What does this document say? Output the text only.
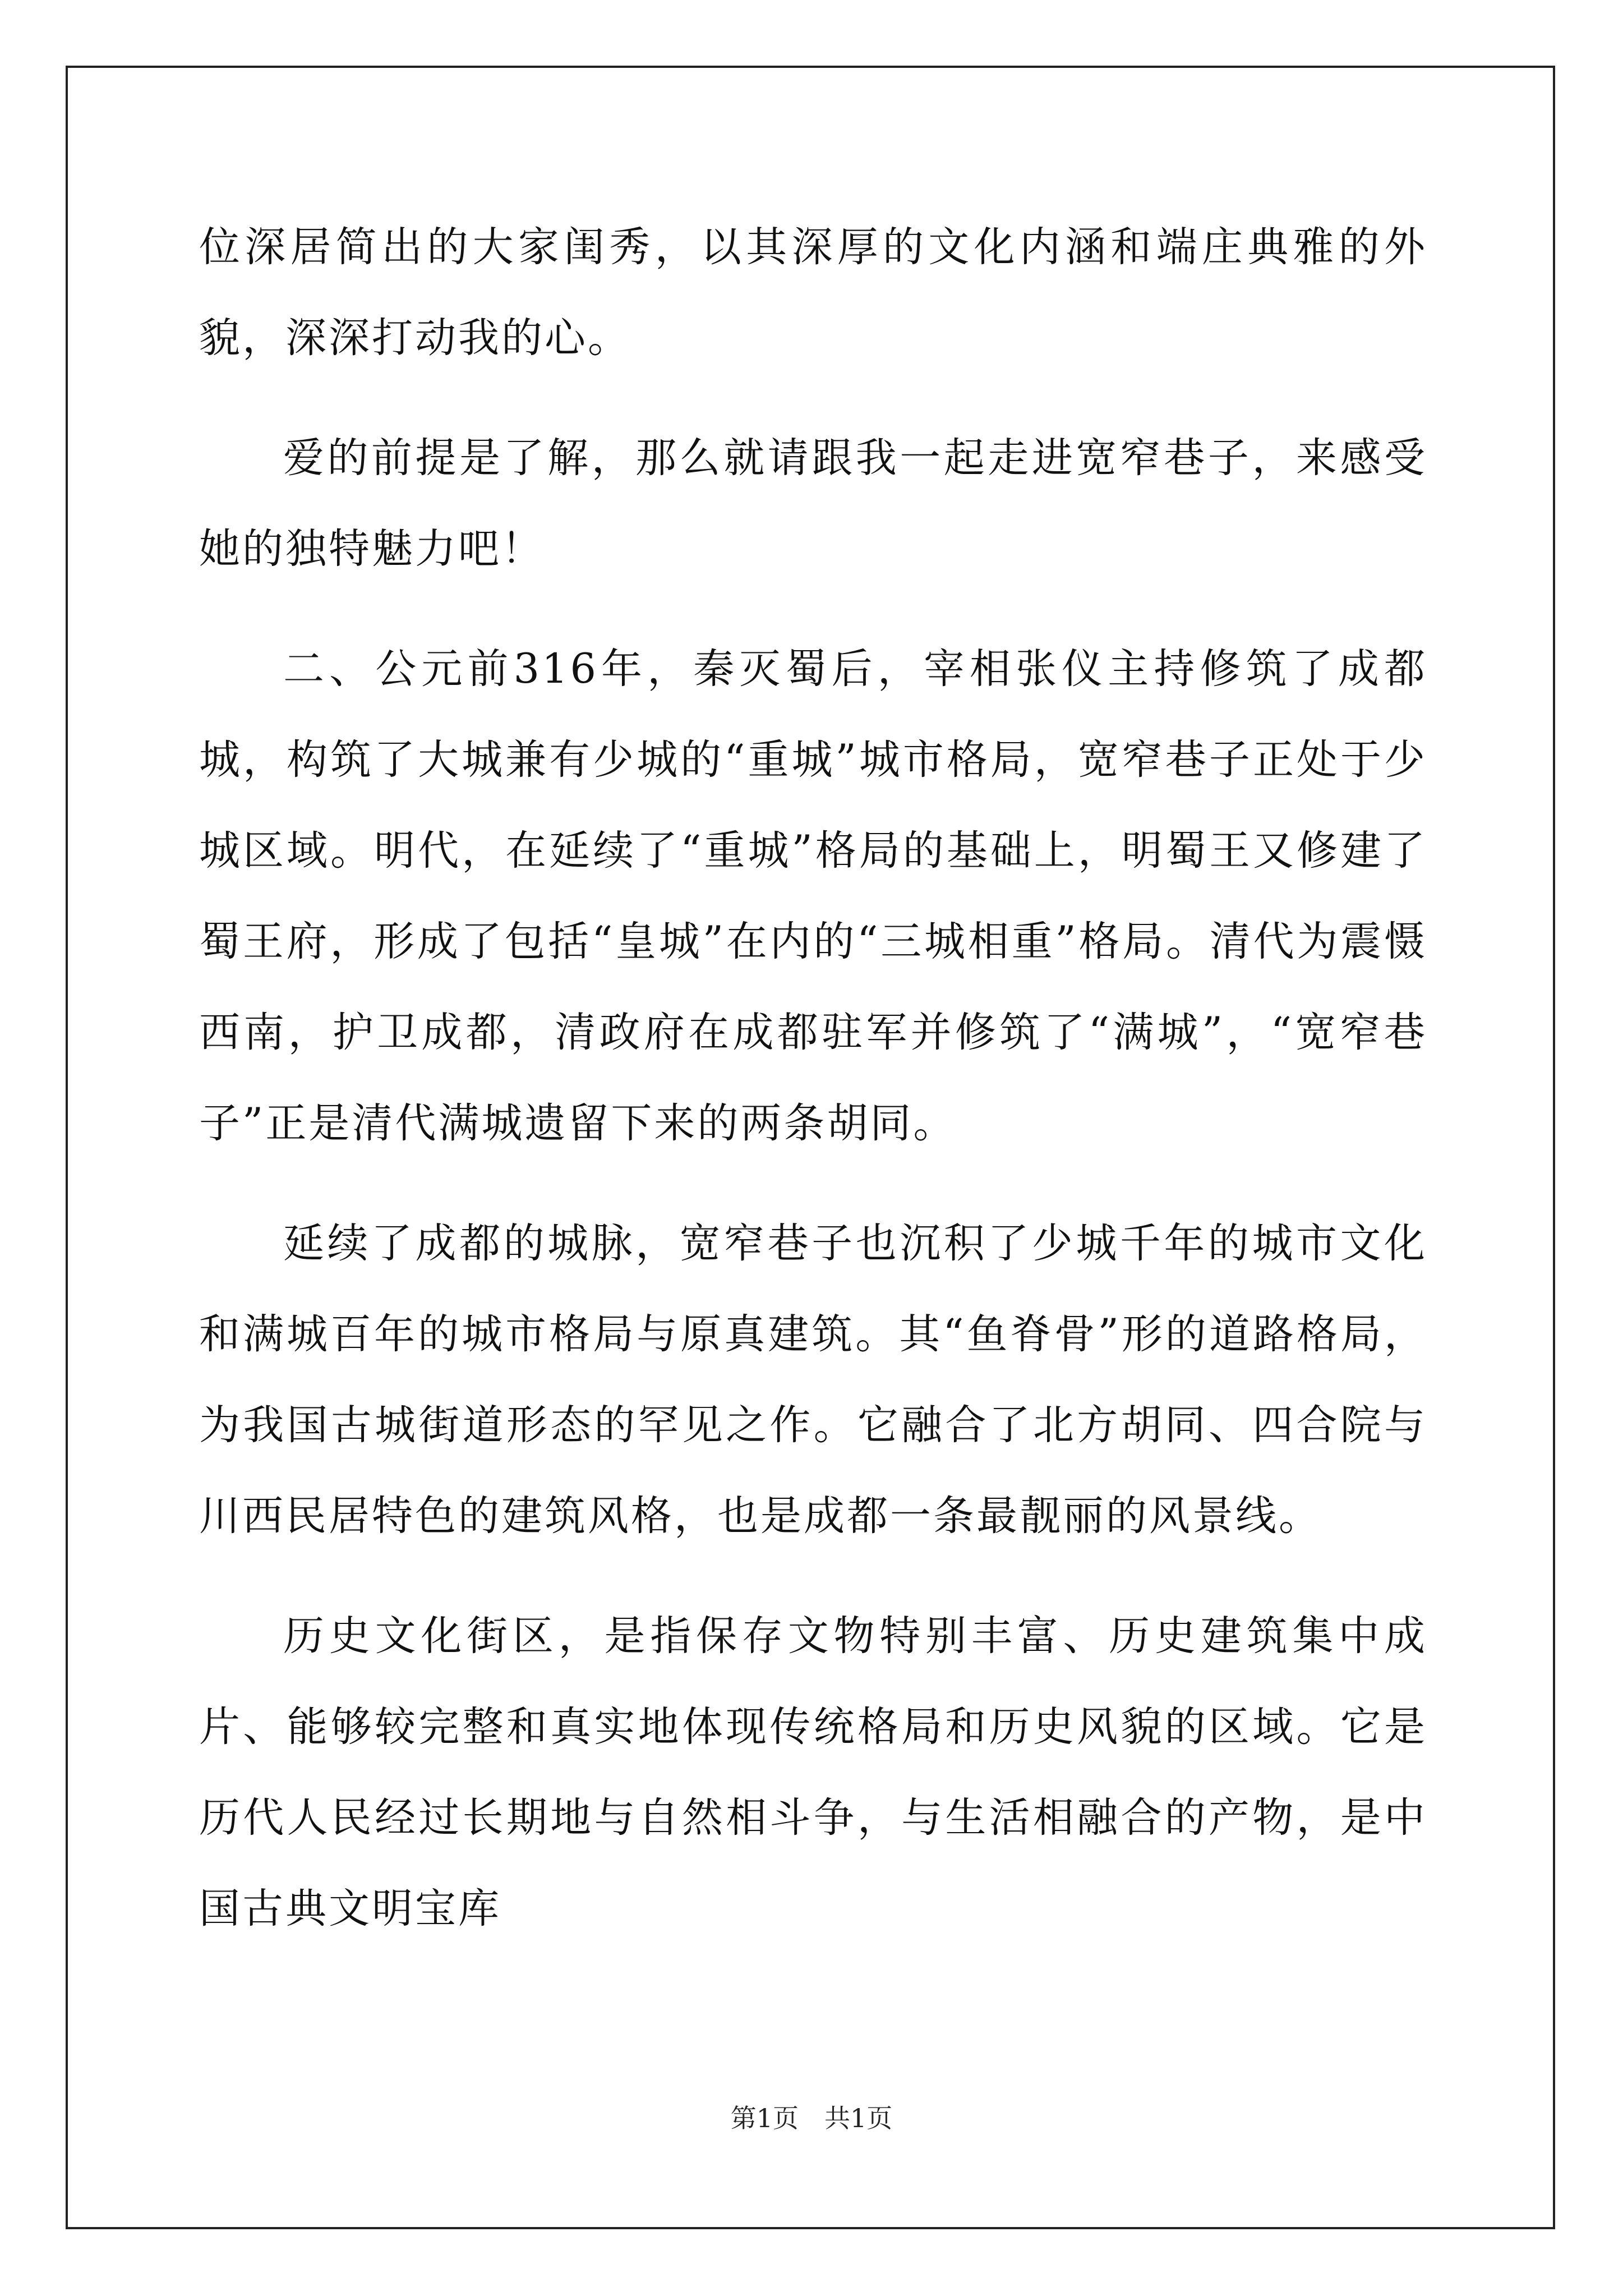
位深居简出的大家闺秀，以其深厚的文化内涵和端庄典雅的外貌，深深打动我的心。

爱的前提是了解，那么就请跟我一起走进宽窄巷子，来感受她的独特魅力吧！

二、公元前316年，秦灭蜀后，宰相张仪主持修筑了成都城，构筑了大城兼有少城的“重城”城市格局，宽窄巷子正处于少城区域。明代，在延续了“重城”格局的基础上，明蜀王又修建了蜀王府，形成了包括“皇城”在内的“三城相重”格局。清代为震慑西南，护卫成都，清政府在成都驻军并修筑了“满城”，“宽窄巷子”正是清代满城遗留下来的两条胡同。

延续了成都的城脉，宽窄巷子也沉积了少城千年的城市文化和满城百年的城市格局与原真建筑。其“鱼脊骨”形的道路格局，为我国古城街道形态的罕见之作。它融合了北方胡同、四合院与川西民居特色的建筑风格，也是成都一条最靓丽的风景线。

历史文化街区，是指保存文物特别丰富、历史建筑集中成片、能够较完整和真实地体现传统格局和历史风貌的区域。它是历代人民经过长期地与自然相斗争，与生活相融合的产物，是中国古典文明宝库

第1页　共1页
